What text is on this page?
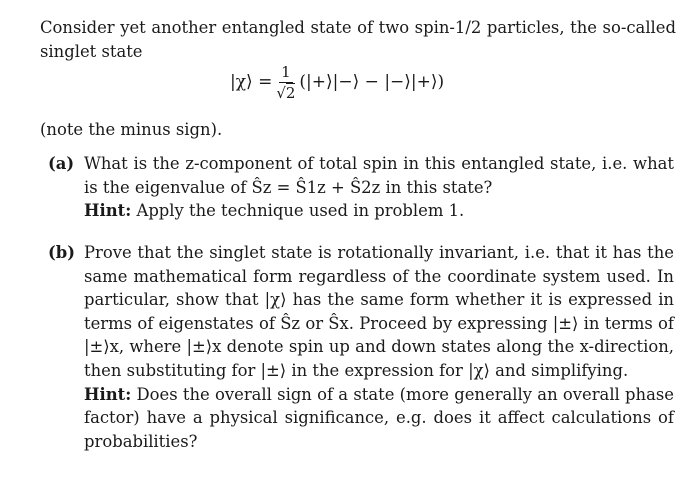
Consider yet another entangled state of two spin-1/2 particles, the so-called singlet state
|χ⟩ = $\frac{1}{√2}$ (|+⟩|−⟩ − |−⟩|+⟩)
(note the minus sign).
(a) What is the z-component of total spin in this entangled state, i.e. what is the eigenvalue of Ŝz = Ŝ1z + Ŝ2z in this state?
Hint: Apply the technique used in problem 1.
(b) Prove that the singlet state is rotationally invariant, i.e. that it has the same mathematical form regardless of the coordinate system used. In particular, show that |χ⟩ has the same form whether it is expressed in terms of eigenstates of Ŝz or Ŝx. Proceed by expressing |±⟩ in terms of |±⟩x, where |±⟩x denote spin up and down states along the x-direction, then substituting for |±⟩ in the expression for |χ⟩ and simplifying.
Hint: Does the overall sign of a state (more generally an overall phase factor) have a physical significance, e.g. does it affect calculations of probabilities?
